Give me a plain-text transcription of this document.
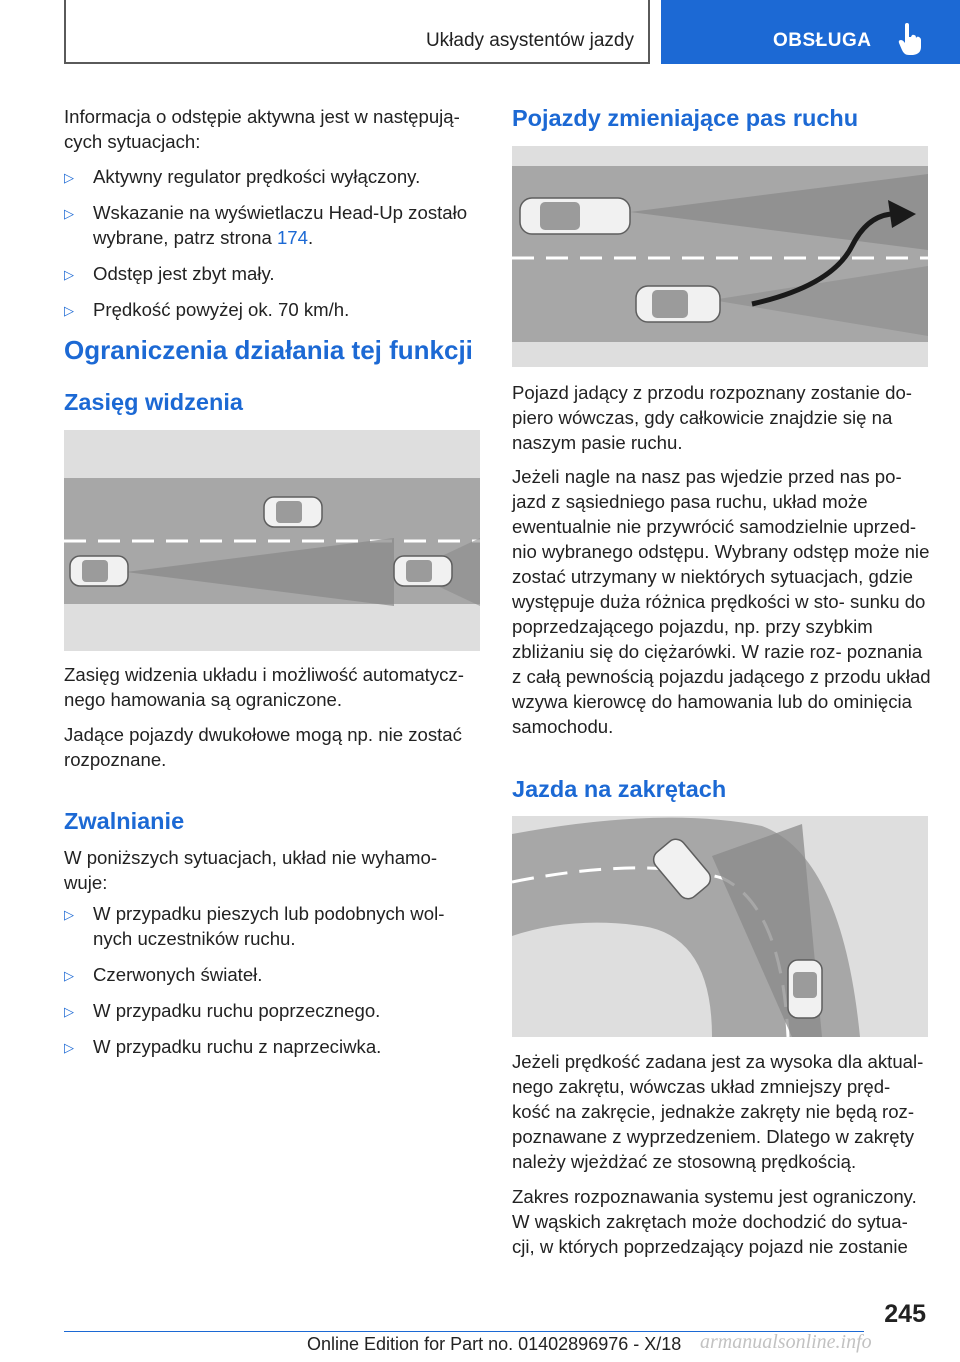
Układy asystentów jazdy	OBSŁUGA

Informacja o odstępie aktywna jest w następują‐ cych sytuacjach:

▷ Aktywny regulator prędkości wyłączony.
▷ Wskazanie na wyświetlaczu Head-Up zostało wybrane, patrz strona 174.
▷ Odstęp jest zbyt mały.
▷ Prędkość powyżej ok. 70 km/h.
Ograniczenia działania tej funkcji
Zasięg widzenia

Zasięg widzenia układu i możliwość automatycz‐ nego hamowania są ograniczone.

Jadące pojazdy dwukołowe mogą np. nie zostać rozpoznane.

Zwalnianie

W poniższych sytuacjach, układ nie wyhamo‐ wuje:

▷ W przypadku pieszych lub podobnych wol‐ nych uczestników ruchu.
▷ Czerwonych świateł.
▷ W przypadku ruchu poprzecznego.
▷ W przypadku ruchu z naprzeciwka.
Pojazdy zmieniające pas ruchu

Pojazd jadący z przodu rozpoznany zostanie do‐ piero wówczas, gdy całkowicie znajdzie się na naszym pasie ruchu.

Jeżeli nagle na nasz pas wjedzie przed nas po‐ jazd z sąsiedniego pasa ruchu, układ może ewentualnie nie przywrócić samodzielnie uprzed‐ nio wybranego odstępu. Wybrany odstęp może nie zostać utrzymany w niektórych sytuacjach, gdzie występuje duża różnica prędkości w sto‐ sunku do poprzedzającego pojazdu, np. przy szybkim zbliżaniu się do ciężarówki. W razie roz‐ poznania z całą pewnością pojazdu jadącego z przodu układ wzywa kierowcę do hamowania lub do ominięcia samochodu.

Jazda na zakrętach

Jeżeli prędkość zadana jest za wysoka dla aktual‐ nego zakrętu, wówczas układ zmniejszy pręd‐ kość na zakręcie, jednakże zakręty nie będą roz‐ poznawane z wyprzedzeniem. Dlatego w zakręty należy wjeżdżać ze stosowną prędkością.

Zakres rozpoznawania systemu jest ograniczony. W wąskich zakrętach może dochodzić do sytua‐ cji, w których poprzedzający pojazd nie zostanie

245
Online Edition for Part no. 01402896976 - X/18 armanualsonline.info
